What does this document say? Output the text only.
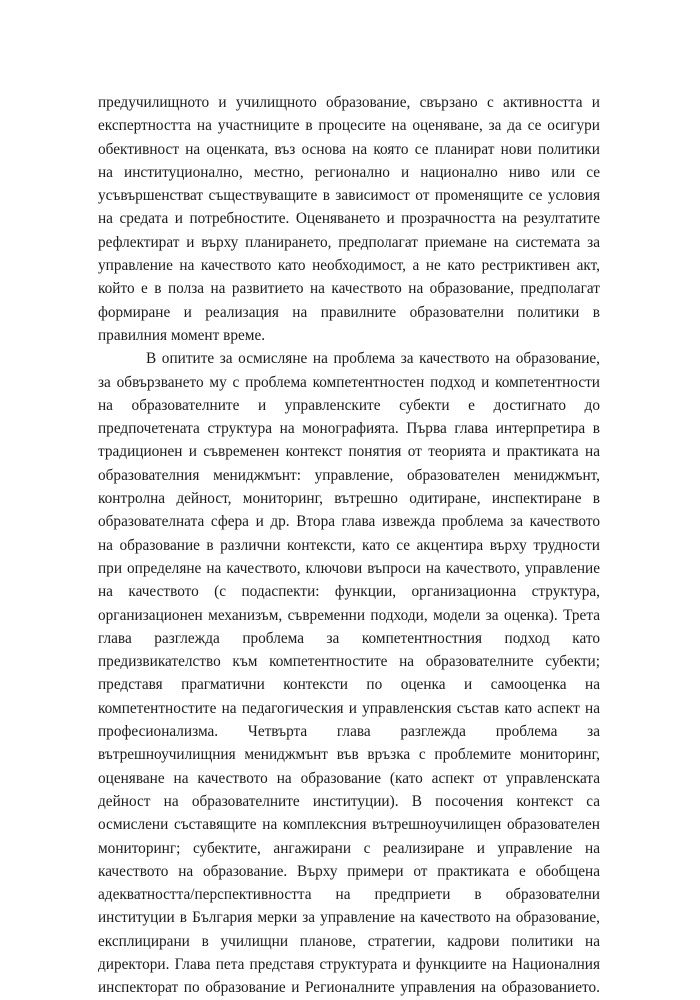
предучилищното и училищното образование, свързано с активността и
експертността на участниците в процесите на оценяване, за да се осигури
обективност на оценката, въз основа на която се планират нови политики
на институционално, местно, регионално и национално ниво или се
усъвършенстват съществуващите в зависимост от променящите се условия
на средата и потребностите. Оценяването и прозрачността на резултатите
рефлектират и върху планирането, предполагат приемане на системата за
управление на качеството като необходимост, а не като рестриктивен акт,
който е в полза на развитието на качеството на образование, предполагат
формиране и реализация на правилните образователни политики в
правилния момент време.
В опитите за осмисляне на проблема за качеството на образование,
за обвързването му с проблема компетентностен подход и компетентности
на образователните и управленските субекти е достигнато до
предпочетената структура на монографията. Първа глава интерпретира в
традиционен и съвременен контекст понятия от теорията и практиката на
образователния мениджмънт: управление, образователен мениджмънт,
контролна дейност, мониторинг, вътрешно одитиране, инспектиране в
образователната сфера и др. Втора глава извежда проблема за качеството
на образование в различни контексти, като се акцентира върху трудности
при определяне на качеството, ключови въпроси на качеството, управление
на качеството (с подаспекти: функции, организационна структура,
организационен механизъм, съвременни подходи, модели за оценка). Трета
глава разглежда проблема за компетентностния подход като
предизвикателство към компетентностите на образователните субекти;
представя прагматични контексти по оценка и самооценка на
компетентностите на педагогическия и управленския състав като аспект на
професионализма. Четвърта глава разглежда проблема за
вътрешноучилищния мениджмънт във връзка с проблемите мониторинг,
оценяване на качеството на образование (като аспект от управленската
дейност на образователните институции). В посочения контекст са
осмислени съставящите на комплексния вътрешноучилищен образователен
мониторинг; субектите, ангажирани с реализиране и управление на
качеството на образование. Върху примери от практиката е обобщена
адекватността/перспективността на предприети в образователни
институции в България мерки за управление на качеството на образование,
експлицирани в училищни планове, стратегии, кадрови политики на
директори. Глава пета представя структурата и функциите на Националния
инспекторат по образование и Регионалните управления на образованието.
